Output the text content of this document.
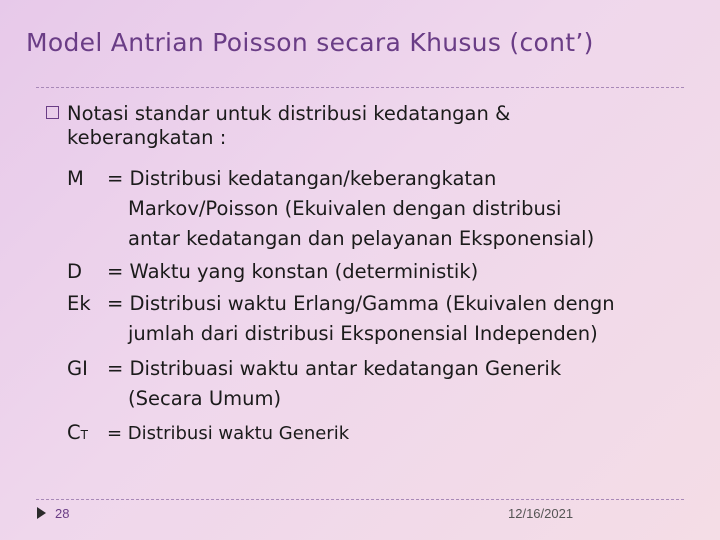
Model Antrian Poisson secara Khusus (cont’)
Notasi standar untuk distribusi kedatangan &
keberangkatan :
M = Distribusi kedatangan/keberangkatan
Markov/Poisson (Ekuivalen dengan distribusi
antar kedatangan dan pelayanan Eksponensial)
D = Waktu yang konstan (deterministik)
Ek = Distribusi waktu Erlang/Gamma (Ekuivalen dengn
jumlah dari distribusi Eksponensial Independen)
GI = Distribuasi waktu antar kedatangan Generik
(Secara Umum)
CT = Distribusi waktu Generik
28	12/16/2021
